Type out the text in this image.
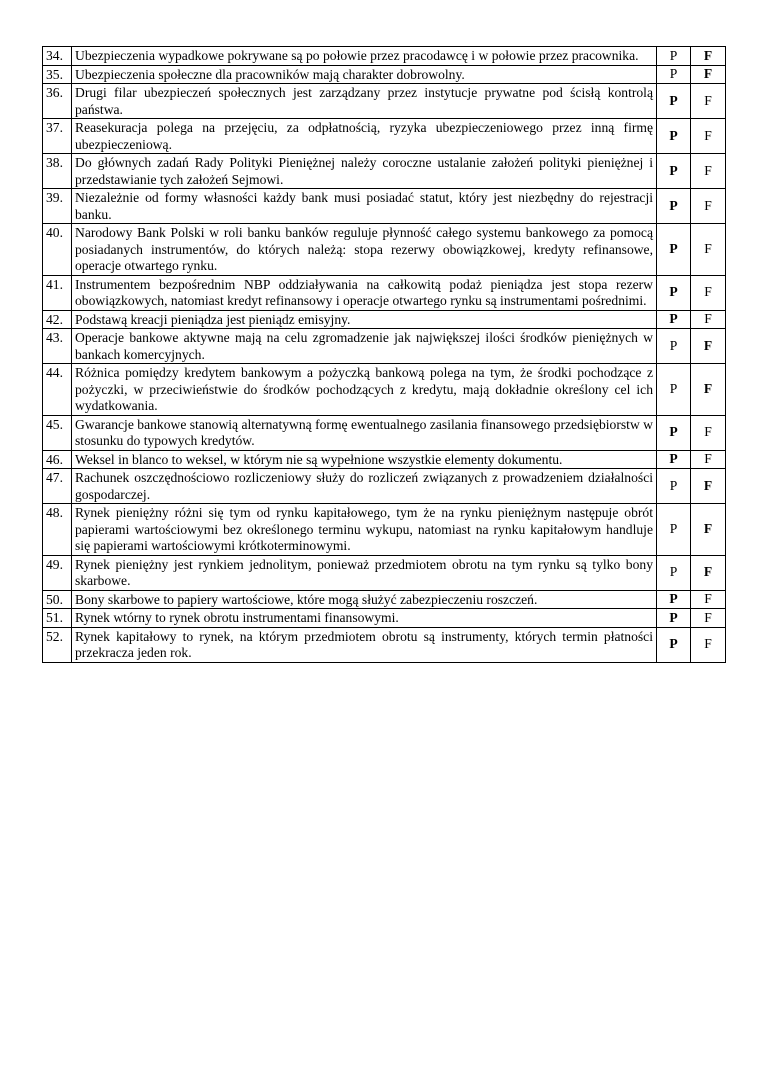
34.	Ubezpieczenia wypadkowe pokrywane są po połowie przez pracodawcę i w połowie przez pracownika.	P	F
35.	Ubezpieczenia społeczne dla pracowników mają charakter dobrowolny.	P	F
36.	Drugi filar ubezpieczeń społecznych jest zarządzany przez instytucje prywatne pod ścisłą kontrolą państwa.	P	F
37.	Reasekuracja polega na przejęciu, za odpłatnością, ryzyka ubezpieczeniowego przez inną firmę ubezpieczeniową.	P	F
38.	Do głównych zadań Rady Polityki Pieniężnej należy coroczne ustalanie założeń polityki pieniężnej i przedstawianie tych założeń Sejmowi.	P	F
39.	Niezależnie od formy własności każdy bank musi posiadać statut, który jest niezbędny do rejestracji banku.	P	F
40.	Narodowy Bank Polski w roli banku banków reguluje płynność całego systemu bankowego za pomocą posiadanych instrumentów, do których należą: stopa rezerwy obowiązkowej, kredyty refinansowe, operacje otwartego rynku.	P	F
41.	Instrumentem bezpośrednim NBP oddziaływania na całkowitą podaż pieniądza jest stopa rezerw obowiązkowych, natomiast kredyt refinansowy i operacje otwartego rynku są instrumentami pośrednimi.	P	F
42.	Podstawą kreacji pieniądza jest pieniądz emisyjny.	P	F
43.	Operacje bankowe aktywne mają na celu zgromadzenie jak największej ilości środków pieniężnych w bankach komercyjnych.	P	F
44.	Różnica pomiędzy kredytem bankowym a pożyczką bankową polega na tym, że środki pochodzące z pożyczki, w przeciwieństwie do środków pochodzących z kredytu, mają dokładnie określony cel ich wydatkowania.	P	F
45.	Gwarancje bankowe stanowią alternatywną formę ewentualnego zasilania finansowego przedsiębiorstw w stosunku do typowych kredytów.	P	F
46.	Weksel in blanco to weksel, w którym nie są wypełnione wszystkie elementy dokumentu.	P	F
47.	Rachunek oszczędnościowo rozliczeniowy służy do rozliczeń związanych z prowadzeniem działalności gospodarczej.	P	F
48.	Rynek pieniężny różni się tym od rynku kapitałowego, tym że na rynku pieniężnym następuje obrót papierami wartościowymi bez określonego terminu wykupu, natomiast na rynku kapitałowym handluje się papierami wartościowymi krótkoterminowymi.	P	F
49.	Rynek pieniężny jest rynkiem jednolitym, ponieważ przedmiotem obrotu na tym rynku są tylko bony skarbowe.	P	F
50.	Bony skarbowe to papiery wartościowe, które mogą służyć zabezpieczeniu roszczeń.	P	F
51.	Rynek wtórny to rynek obrotu instrumentami finansowymi.	P	F
52.	Rynek kapitałowy to rynek, na którym przedmiotem obrotu są instrumenty, których termin płatności przekracza jeden rok.	P	F
